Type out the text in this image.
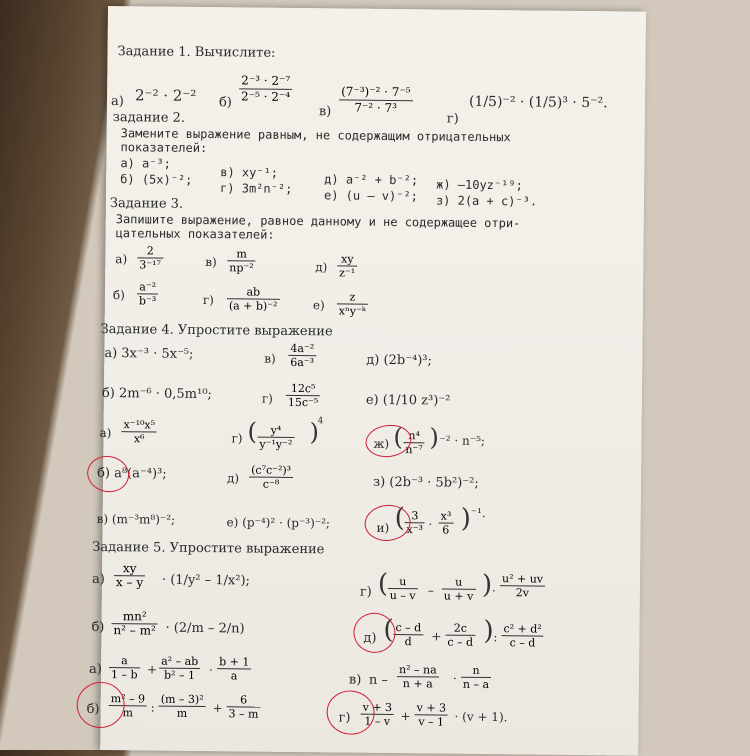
Задание 1. Вычислите:
а) 2⁻² · 2⁻² $б) \frac{\text{2⁻³ · 2⁻⁷}}{\text{2⁻⁵ · 2⁻⁴}}$
$в) \frac{\text{(7⁻³)⁻² · 7⁻⁵}}{\text{7⁻² · 7³}}$
г)
(1/5)⁻² · (1/5)³ · 5⁻².
задание 2.
Замените выражение равным, не содержащим отрицательных
показателей:
а) a⁻³;
б) (5x)⁻²; в) xy⁻¹;
г) 3m²n⁻²;
д) a⁻² + b⁻²;
е) (u – v)⁻²;
ж) –10yz⁻¹⁹;
з) 2(a + c)⁻³.
Задание 3.
Запишите выражение, равное данному и не содержащее отри-
цательных показателей:
$а) \frac{2}{\text{3⁻¹⁷}}$	$в) \frac{m}{\text{np⁻²}}$	$д) \frac{xy}{\text{z⁻¹}}$
$б) \frac{\text{a⁻²}}{\text{b⁻³}}$	$г) \frac{ab}{\text{(a + b)⁻²}}$	е)
z
xⁿy⁻ᵏ
Задание 4. Упростите выражение
а) 3x⁻³ · 5x⁻⁵;	$в) \frac{\text{4a⁻²}}{\text{6a⁻³}}$	д) (2b⁻⁴)³;
б) 2m⁻⁶ · 0,5m¹⁰;	$г) \frac{\text{12c⁵}}{\text{15c⁻⁵}}$	е) (1/10 z³)⁻²
$а) \frac{\text{x⁻¹⁰x⁵}}{\text{x⁶}}$	г) ( $\frac{\text{y⁴}}{\text{y⁻¹y⁻²}}$ )
4
ж) ( $\frac{\text{n⁴}}{\text{n⁻⁷}}$ ) ⁻² · n⁻⁵;
б) a⁸(a⁻⁴)³;	$д) \frac{\text{(c⁷c⁻²)³}}{\text{c⁻⁸}}$	з) (2b⁻³ · 5b²)⁻²;
в) (m⁻³m⁸)⁻²;	е) (p⁻⁴)² · (p⁻³)⁻²;	и) ( $\frac{3}{\text{x⁻³}} \cdot \frac{\text{x³}}{6}$ ) ⁻¹.
Задание 5. Упростите выражение
$а) \frac{xy}{x - y} \cdot (1/y^2 - 1/x^2)$;
г) ( $\frac{u}{u - v} - \frac{u}{u + v}$ ) · $\frac{\text{u² + uv}}{2v}$
$б) \frac{\text{mn²}}{\text{n² – m²}} \cdot (2/m - 2/n)$
д) ( $\frac{c - d}{d} + \frac{2c}{c - d}$ ) : $\frac{\text{c² + d²}}{c - d}$
$а) \frac{a}{1 - b} + \frac{\text{a² – ab}}{\text{b² – 1}} \cdot \frac{b + 1}{a}$	в) $n - \frac{\text{n² – na}}{n + a} \cdot \frac{n}{n - a}$
$б) \frac{\text{m² – 9}}{m}$ : $\frac{\text{(m – 3)²}}{m} + \frac{6}{3 - m}$	$г) \frac{v + 3}{1 - v} + \frac{v + 3}{v - 1} \cdot (v + 1)$.
